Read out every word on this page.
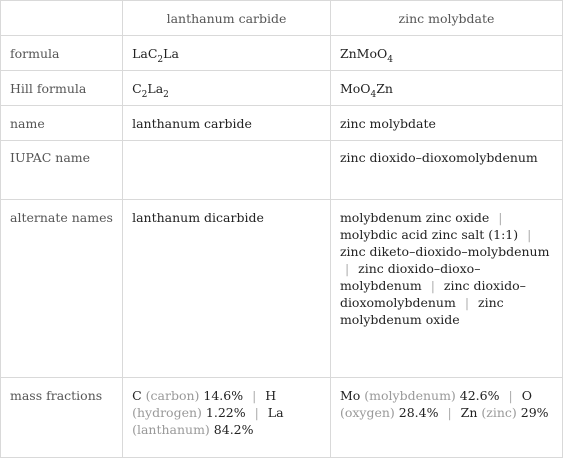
	lanthanum carbide	zinc molybdate
formula	LaC$_2$La	ZnMoO$_4$
Hill formula	$C_2La_2$	MoO$_4$Zn
name	lanthanum carbide	zinc molybdate
IUPAC name		zinc dioxido–dioxomolybdenum
alternate names	lanthanum dicarbide	molybdenum zinc oxide | molybdic acid zinc salt (1:1) | zinc diketo–dioxido–molybdenum | zinc dioxido–dioxo–molybdenum | zinc dioxido–dioxomolybdenum | zinc molybdenum oxide
mass fractions	C (carbon) 14.6% | H (hydrogen) 1.22% | La (lanthanum) 84.2%	Mo (molybdenum) 42.6% | O (oxygen) 28.4% | Zn (zinc) 29%
